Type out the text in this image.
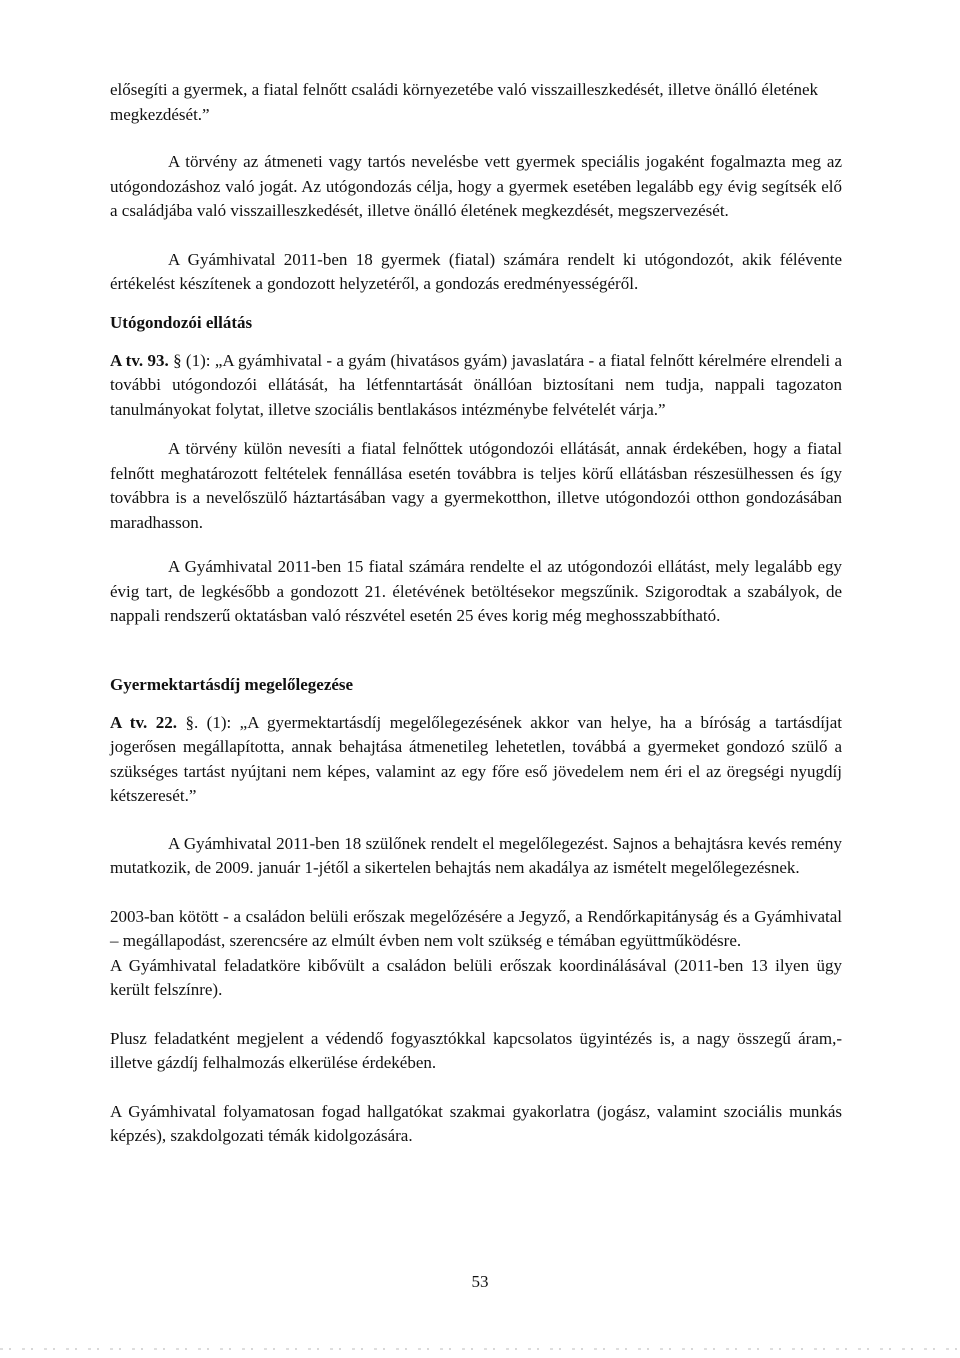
elősegíti a gyermek, a fiatal felnőtt családi környezetébe való visszailleszkedését, illetve önálló életének megkezdését.”

A törvény az átmeneti vagy tartós nevelésbe vett gyermek speciális jogaként fogalmazta meg az utógondozáshoz való jogát. Az utógondozás célja, hogy a gyermek esetében legalább egy évig segítsék elő a családjába való visszailleszkedését, illetve önálló életének megkezdését, megszervezését.

A Gyámhivatal 2011-ben 18 gyermek (fiatal) számára rendelt ki utógondozót, akik félévente értékelést készítenek a gondozott helyzetéről, a gondozás eredményességéről.

Utógondozói ellátás

A tv. 93. § (1): „A gyámhivatal - a gyám (hivatásos gyám) javaslatára - a fiatal felnőtt kérelmére elrendeli a további utógondozói ellátását, ha létfenntartását önállóan biztosítani nem tudja, nappali tagozaton tanulmányokat folytat, illetve szociális bentlakásos intézménybe felvételét várja.”

A törvény külön nevesíti a fiatal felnőttek utógondozói ellátását, annak érdekében, hogy a fiatal felnőtt meghatározott feltételek fennállása esetén továbbra is teljes körű ellátásban részesülhessen és így továbbra is a nevelőszülő háztartásában vagy a gyermekotthon, illetve utógondozói otthon gondozásában maradhasson.

A Gyámhivatal 2011-ben 15 fiatal számára rendelte el az utógondozói ellátást, mely legalább egy évig tart, de legkésőbb a gondozott 21. életévének betöltésekor megszűnik. Szigorodtak a szabályok, de nappali rendszerű oktatásban való részvétel esetén 25 éves korig még meghosszabbítható.

Gyermektartásdíj megelőlegezése

A tv. 22. §. (1): „A gyermektartásdíj megelőlegezésének akkor van helye, ha a bíróság a tartásdíjat jogerősen megállapította, annak behajtása átmenetileg lehetetlen, továbbá a gyermeket gondozó szülő a szükséges tartást nyújtani nem képes, valamint az egy főre eső jövedelem nem éri el az öregségi nyugdíj kétszeresét.”

A Gyámhivatal 2011-ben 18 szülőnek rendelt el megelőlegezést. Sajnos a behajtásra kevés remény mutatkozik, de 2009. január 1-jétől a sikertelen behajtás nem akadálya az ismételt megelőlegezésnek.

2003-ban kötött - a családon belüli erőszak megelőzésére a Jegyző, a Rendőrkapitányság és a Gyámhivatal – megállapodást, szerencsére az elmúlt évben nem volt szükség e témában együttműködésre.

A Gyámhivatal feladatköre kibővült a családon belüli erőszak koordinálásával (2011-ben 13 ilyen ügy került felszínre).

Plusz feladatként megjelent a védendő fogyasztókkal kapcsolatos ügyintézés is, a nagy összegű áram,- illetve gázdíj felhalmozás elkerülése érdekében.

A Gyámhivatal folyamatosan fogad hallgatókat szakmai gyakorlatra (jogász, valamint szociális munkás képzés), szakdolgozati témák kidolgozására.

53
